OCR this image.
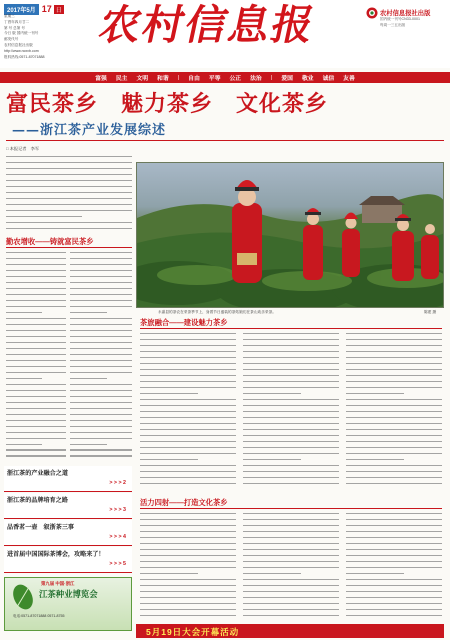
2017年5月 17 日
星期三
丁酉年四月廿二
第 号 总第 号
今日 版 国内统一刊号
邮发代号
农村信息报社出版
http://www.ncxxb.com
报料热线:0571-87071888
农村信息报	农村信息报社出版
国内统一刊号CN33-0001
每周一三五出版
富强 民主 文明 和谐 | 自由 平等 公正 法治 | 爱国 敬业 诚信 友善
富民茶乡　魅力茶乡　文化茶乡
——浙江茶产业发展综述
□ 本报记者　李军
勤农增收——铸就富民茶乡
永嘉县的茶农在采茶季节上，身着节日盛装的茶姑娘们在茶山欢乐采茶。	陈建 摄
茶旅融合——建设魅力茶乡
活力四射——打造文化茶乡
浙江茶的产业融合之道
> > > 2
浙江茶的品牌培育之路
> > > 3
品香茗一壶　叙浙茶三事
> > > 4
进首届中国国际茶博会，攻略来了！
> > > 5
第九届 中国·浙江
江茶种业博览会
电话:0571-87071888 0571-8755
5月19日大会开幕活动
